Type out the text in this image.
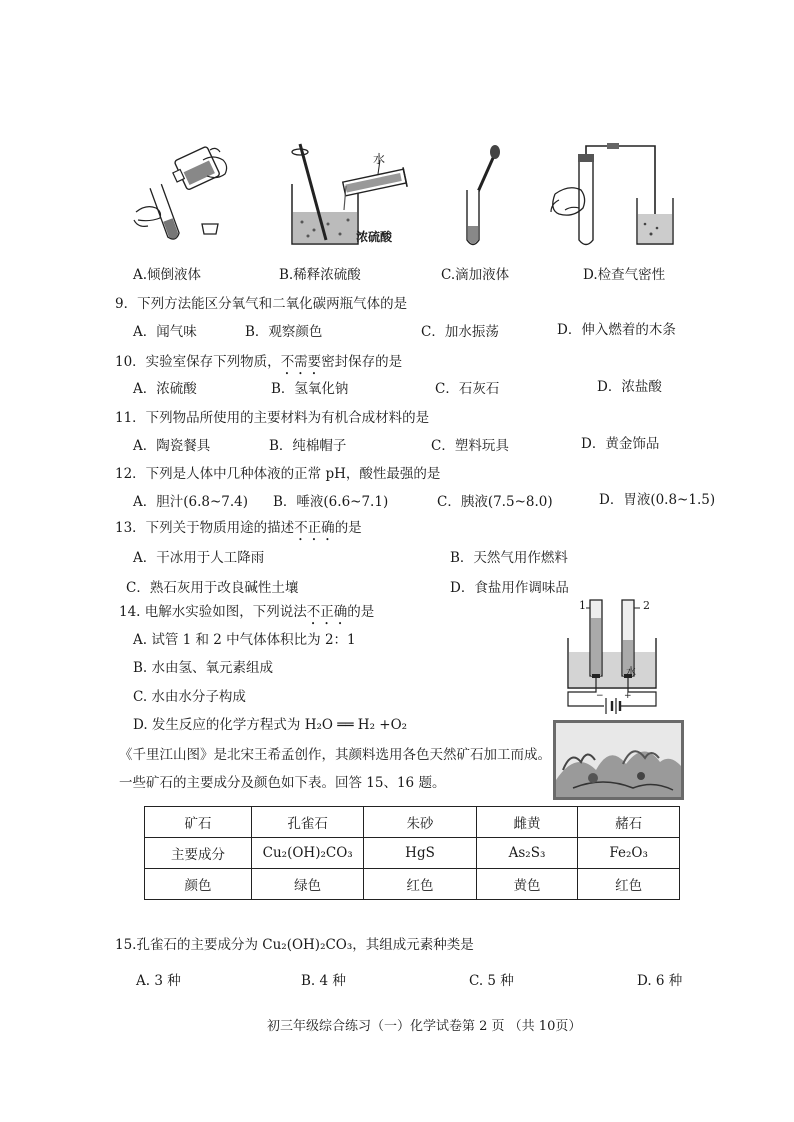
水
浓硫酸
A.倾倒液体	B.稀释浓硫酸	C.滴加液体	D.检查气密性
9．下列方法能区分氧气和二氧化碳两瓶气体的是
A．闻气味	B．观察颜色	C．加水振荡	D．伸入燃着的木条
10．实验室保存下列物质，不需要密封保存的是
A．浓硫酸	B．氢氧化钠	C．石灰石	D．浓盐酸
11．下列物品所使用的主要材料为有机合成材料的是
A．陶瓷餐具	B．纯棉帽子	C．塑料玩具	D．黄金饰品
12．下列是人体中几种体液的正常 pH，酸性最强的是
A．胆汁(6.8~7.4) B．唾液(6.6~7.1)	C．胰液(7.5~8.0)	D．胃液(0.8~1.5)
13．下列关于物质用途的描述不正确的是
A．干冰用于人工降雨	B．天然气用作燃料
C．熟石灰用于改良碱性土壤	D．食盐用作调味品
14. 电解水实验如图，下列说法不正确的是
A. 试管 1 和 2 中气体体积比为 2：1
B. 水由氢、氧元素组成
C. 水由水分子构成
D. 发生反应的化学方程式为 H₂O ══ H₂ +O₂
− +
1	2
水
《千里江山图》是北宋王希孟创作，其颜料选用各色天然矿石加工而成。
一些矿石的主要成分及颜色如下表。回答 15、16 题。
矿石	孔雀石	朱砂	雌黄	赭石
主要成分	Cu₂(OH)₂CO₃	HgS	As₂S₃	Fe₂O₃
颜色	绿色	红色	黄色	红色
15.孔雀石的主要成分为 Cu₂(OH)₂CO₃，其组成元素种类是
A. 3 种	B. 4 种	C. 5 种	D. 6 种
初三年级综合练习（一）化学试卷第 2 页 （共 10页）
